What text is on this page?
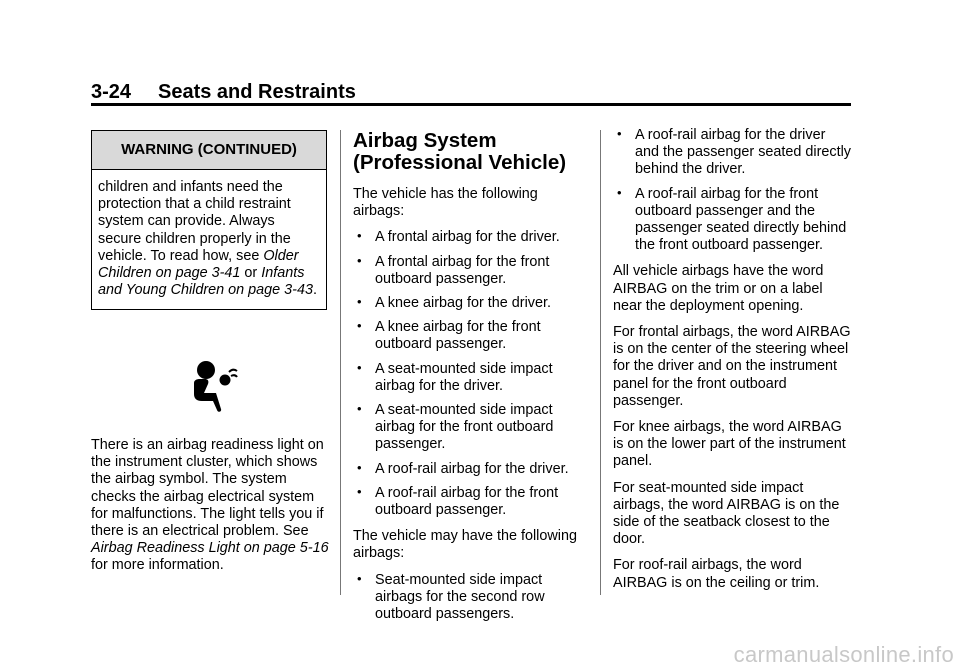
3-24 Seats and Restraints
WARNING (CONTINUED)
children and infants need the protection that a child restraint system can provide. Always secure children properly in the vehicle. To read how, see Older Children on page 3-41 or Infants and Young Children on page 3-43.

There is an airbag readiness light on the instrument cluster, which shows the airbag symbol. The system checks the airbag electrical system for malfunctions. The light tells you if there is an electrical problem. See Airbag Readiness Light on page 5-16 for more information.

Airbag System (Professional Vehicle)

The vehicle has the following airbags:

• A frontal airbag for the driver.
• A frontal airbag for the front outboard passenger.
• A knee airbag for the driver.
• A knee airbag for the front outboard passenger.
• A seat-mounted side impact airbag for the driver.
• A seat-mounted side impact airbag for the front outboard passenger.
• A roof-rail airbag for the driver.
• A roof-rail airbag for the front outboard passenger.

The vehicle may have the following airbags:

• Seat-mounted side impact airbags for the second row outboard passengers.
• A roof-rail airbag for the driver and the passenger seated directly behind the driver.
• A roof-rail airbag for the front outboard passenger and the passenger seated directly behind the front outboard passenger.

All vehicle airbags have the word AIRBAG on the trim or on a label near the deployment opening.

For frontal airbags, the word AIRBAG is on the center of the steering wheel for the driver and on the instrument panel for the front outboard passenger.

For knee airbags, the word AIRBAG is on the lower part of the instrument panel.

For seat-mounted side impact airbags, the word AIRBAG is on the side of the seatback closest to the door.

For roof-rail airbags, the word AIRBAG is on the ceiling or trim.

carmanualsonline.info
